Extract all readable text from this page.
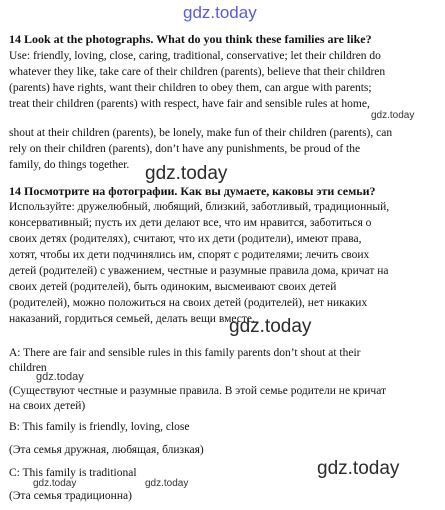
gdz.today
14 Look at the photographs. What do you think these families are like?
Use: friendly, loving, close, caring, traditional, conservative; let their children do
whatever they like, take care of their children (parents), believe that their children
(parents) have rights, want their children to obey them, can argue with parents;
treat their children (parents) with respect, have fair and sensible rules at home,
gdz.today
shout at their children (parents), be lonely, make fun of their children (parents), can
rely on their children (parents), don’t have any punishments, be proud of the
family, do things together. gdz.today
14 Посмотрите на фотографии. Как вы думаете, каковы эти семьи?
Используйте: дружелюбный, любящий, близкий, заботливый, традиционный,
консервативный; пусть их дети делают все, что им нравится, заботиться о
своих детях (родителях), считают, что их дети (родители), имеют права,
хотят, чтобы их дети подчинялись им, спорят с родителями; лечить своих
детей (родителей) с уважением, честные и разумные правила дома, кричат на
своих детей (родителей), быть одиноким, высмеивают своих детей
(родителей), можно положиться на своих детей (родителей), нет никаких
наказаний, гордиться семьей, делать вещи вместе.
gdz.today
A: There are fair and sensible rules in this family parents don’t shout at their
children
gdz.today
(Существуют честные и разумные правила. В этой семье родители не кричат
на своих детей)
B: This family is friendly, loving, close
(Эта семья дружная, любящая, близкая)
C: This family is traditional	gdz.today
gdz.today	gdz.today
(Эта семья традиционна)
